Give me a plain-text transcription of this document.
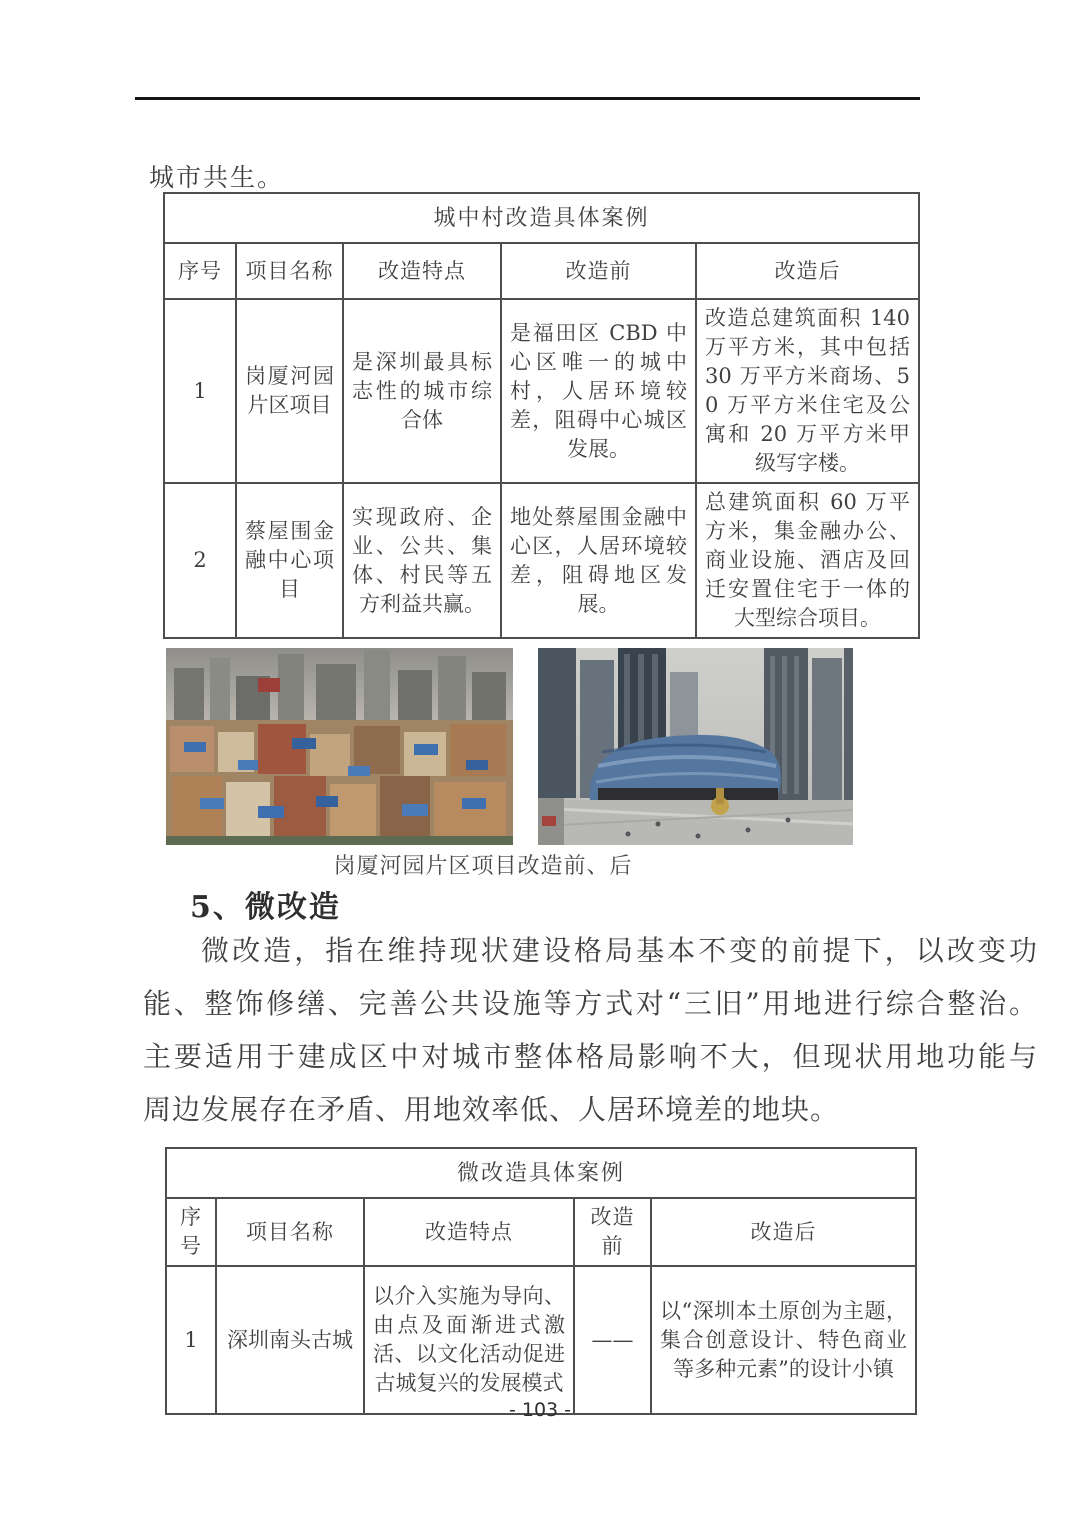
城市共生。

城中村改造具体案例				
序号	项目名称	改造特点	改造前	改造后
1	岗厦河园片区项目	是深圳最具标志性的城市综合体	是福田区 CBD 中心区唯一的城中村，人居环境较差，阻碍中心城区发展。	改造总建筑面积 140 万平方米，其中包括 30 万平方米商场、50 万平方米住宅及公寓和 20 万平方米甲级写字楼。
2	蔡屋围金融中心项目	实现政府、企业、公共、集体、村民等五方利益共赢。	地处蔡屋围金融中心区，人居环境较差，阻碍地区发展。	总建筑面积 60 万平方米，集金融办公、商业设施、酒店及回迁安置住宅于一体的大型综合项目。
岗厦河园片区项目改造前、后
5、微改造
微改造，指在维持现状建设格局基本不变的前提下，以改变功
能、整饰修缮、完善公共设施等方式对“三旧”用地进行综合整治。
主要适用于建成区中对城市整体格局影响不大，但现状用地功能与
周边发展存在矛盾、用地效率低、人居环境差的地块。
微改造具体案例				
序号	项目名称	改造特点	改造前	改造后
1	深圳南头古城	以介入实施为导向、由点及面渐进式激活、以文化活动促进古城复兴的发展模式	——	以“深圳本土原创为主题，集合创意设计、特色商业等多种元素”的设计小镇
- 103 -
